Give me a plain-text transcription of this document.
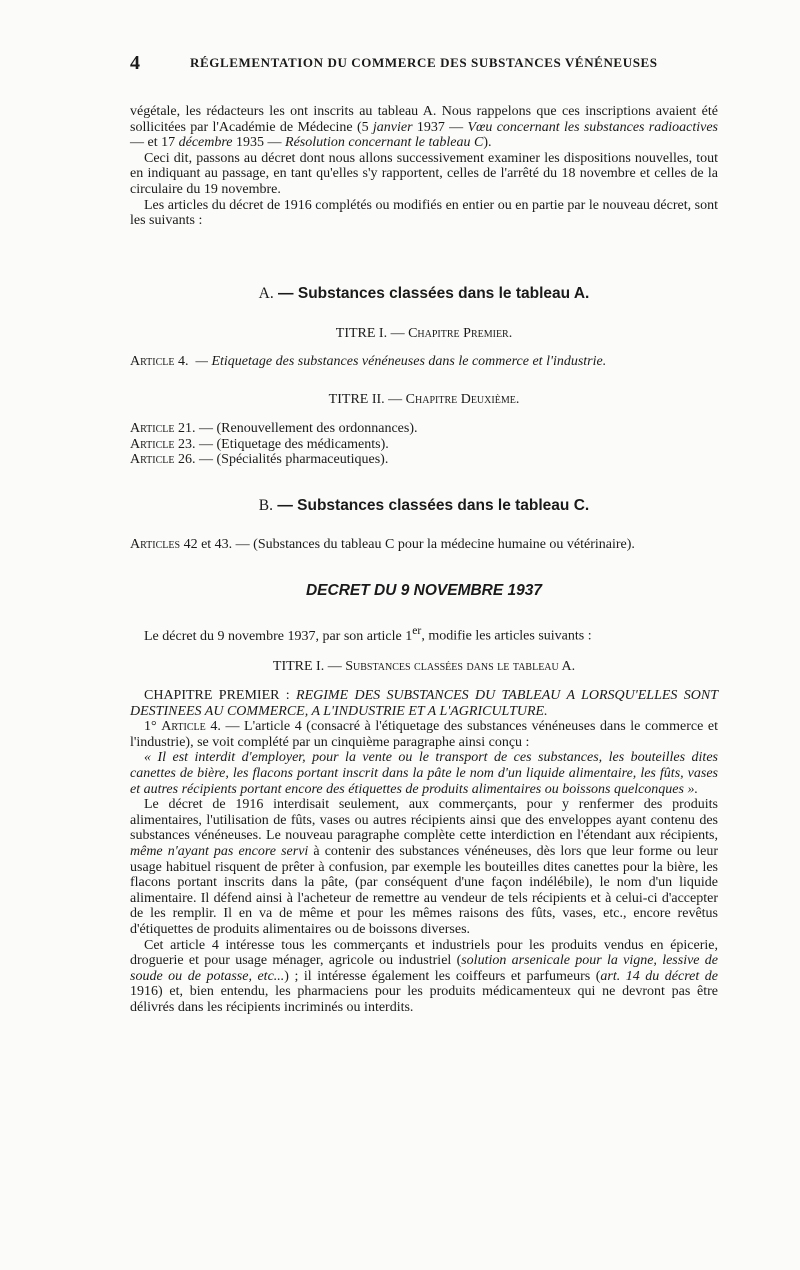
4	RÉGLEMENTATION DU COMMERCE DES SUBSTANCES VÉNÉNEUSES

végétale, les rédacteurs les ont inscrits au tableau A. Nous rappelons que ces inscriptions avaient été sollicitées par l'Académie de Médecine (5 janvier 1937 — Vœu concernant les substances radioactives — et 17 décembre 1935 — Résolution concernant le tableau C).

Ceci dit, passons au décret dont nous allons successivement examiner les dispositions nouvelles, tout en indiquant au passage, en tant qu'elles s'y rapportent, celles de l'arrêté du 18 novembre et celles de la circulaire du 19 novembre.

Les articles du décret de 1916 complétés ou modifiés en entier ou en partie par le nouveau décret, sont les suivants :

A. — Substances classées dans le tableau A.
TITRE I. — Chapitre Premier.
Article 4. — Etiquetage des substances vénéneuses dans le commerce et l'industrie.
TITRE II. — Chapitre Deuxième.
Article
21.
— (Renouvellement des ordonnances).
Article
23.
— (Etiquetage des médicaments).
Article
26.
— (Spécialités pharmaceutiques).
B. — Substances classées dans le tableau C.
Articles 42 et 43. — (Substances du tableau C pour la médecine humaine ou vétérinaire).
DECRET DU 9 NOVEMBRE 1937
Le décret du 9 novembre 1937, par son article 1er, modifie les articles suivants :
TITRE I. — Substances classées dans le tableau A.

CHAPITRE PREMIER : REGIME DES SUBSTANCES DU TABLEAU A LORSQU'ELLES SONT DESTINEES AU COMMERCE, A L'INDUSTRIE ET A L'AGRICULTURE.

1° Article 4. — L'article 4 (consacré à l'étiquetage des substances vénéneuses dans le commerce et l'industrie), se voit complété par un cinquième paragraphe ainsi conçu :

« Il est interdit d'employer, pour la vente ou le transport de ces substances, les bouteilles dites canettes de bière, les flacons portant inscrit dans la pâte le nom d'un liquide alimentaire, les fûts, vases et autres récipients portant encore des étiquettes de produits alimentaires ou boissons quelconques ».

Le décret de 1916 interdisait seulement, aux commerçants, pour y renfermer des produits alimentaires, l'utilisation de fûts, vases ou autres récipients ainsi que des enveloppes ayant contenu des substances vénéneuses. Le nouveau paragraphe complète cette interdiction en l'étendant aux récipients, même n'ayant pas encore servi à contenir des substances vénéneuses, dès lors que leur forme ou leur usage habituel risquent de prêter à confusion, par exemple les bouteilles dites canettes pour la bière, les flacons portant inscrits dans la pâte, (par conséquent d'une façon indélébile), le nom d'un liquide alimentaire. Il défend ainsi à l'acheteur de remettre au vendeur de tels récipients et à celui-ci d'accepter de les remplir. Il en va de même et pour les mêmes raisons des fûts, vases, etc., encore revêtus d'étiquettes de produits alimentaires ou de boissons diverses.

Cet article 4 intéresse tous les commerçants et industriels pour les produits vendus en épicerie, droguerie et pour usage ménager, agricole ou industriel (solution arsenicale pour la vigne, lessive de soude ou de potasse, etc...) ; il intéresse également les coiffeurs et parfumeurs (art. 14 du décret de 1916) et, bien entendu, les pharmaciens pour les produits médicamenteux qui ne devront pas être délivrés dans les récipients incriminés ou interdits.
